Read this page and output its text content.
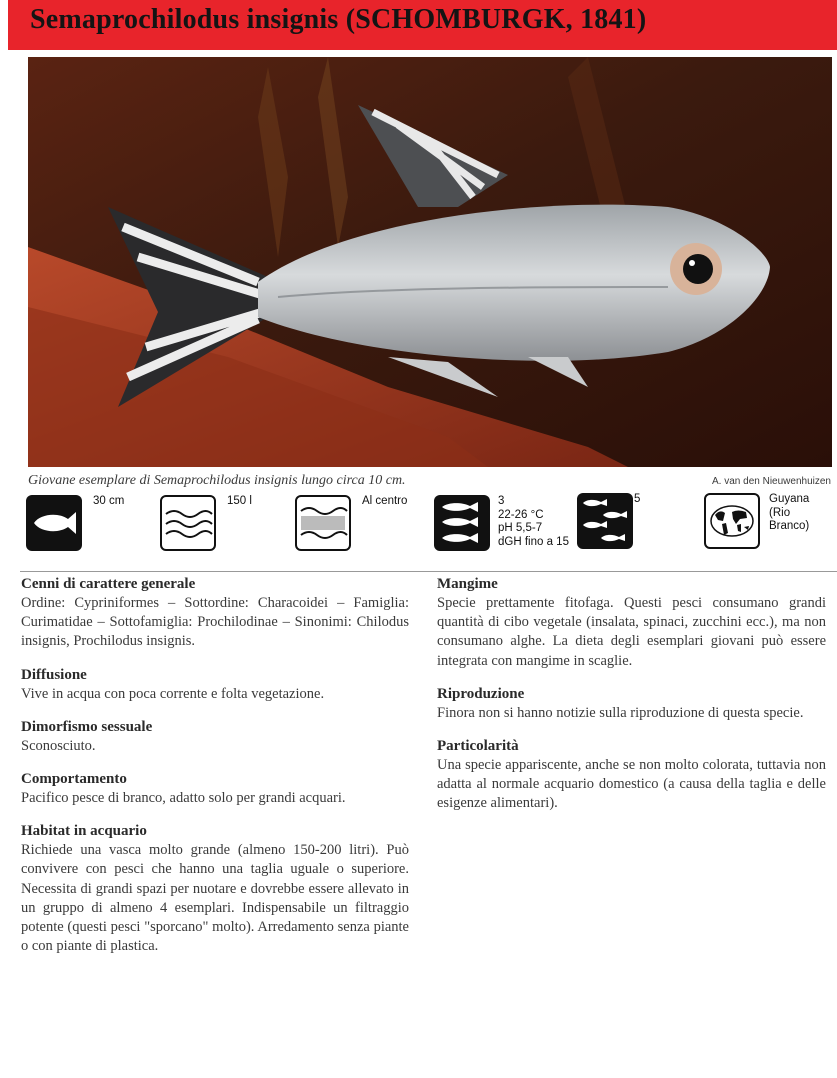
Semaprochilodus insignis (SCHOMBURGK, 1841)
Giovane esemplare di Semaprochilodus insignis lungo circa 10 cm.	A. van den Nieuwenhuizen
30 cm	150 l	Al centro	3
22-26 °C
pH 5,5-7
dGH fino a 15
5	Guyana
(Rio
Branco)
Cenni di carattere generale

Ordine: Cypriniformes – Sottordine: Characoidei – Famiglia: Curimatidae – Sottofamiglia: Prochilodinae – Sinonimi: Chilodus insignis, Prochilodus insignis.

Diffusione

Vive in acqua con poca corrente e folta vegetazione.

Dimorfismo sessuale

Sconosciuto.

Comportamento

Pacifico pesce di branco, adatto solo per grandi acquari.

Habitat in acquario

Richiede una vasca molto grande (almeno 150-200 litri). Può convivere con pesci che hanno una taglia uguale o superiore. Necessita di grandi spazi per nuotare e dovrebbe essere allevato in un gruppo di almeno 4 esemplari. Indispensabile un filtraggio potente (questi pesci "sporcano" molto). Arredamento senza piante o con piante di plastica.

Mangime

Specie prettamente fitofaga. Questi pesci consumano grandi quantità di cibo vegetale (insalata, spinaci, zucchini ecc.), ma non consumano alghe. La dieta degli esemplari giovani può essere integrata con mangime in scaglie.

Riproduzione

Finora non si hanno notizie sulla riproduzione di questa specie.

Particolarità

Una specie appariscente, anche se non molto colorata, tuttavia non adatta al normale acquario domestico (a causa della taglia e delle esigenze alimentari).
